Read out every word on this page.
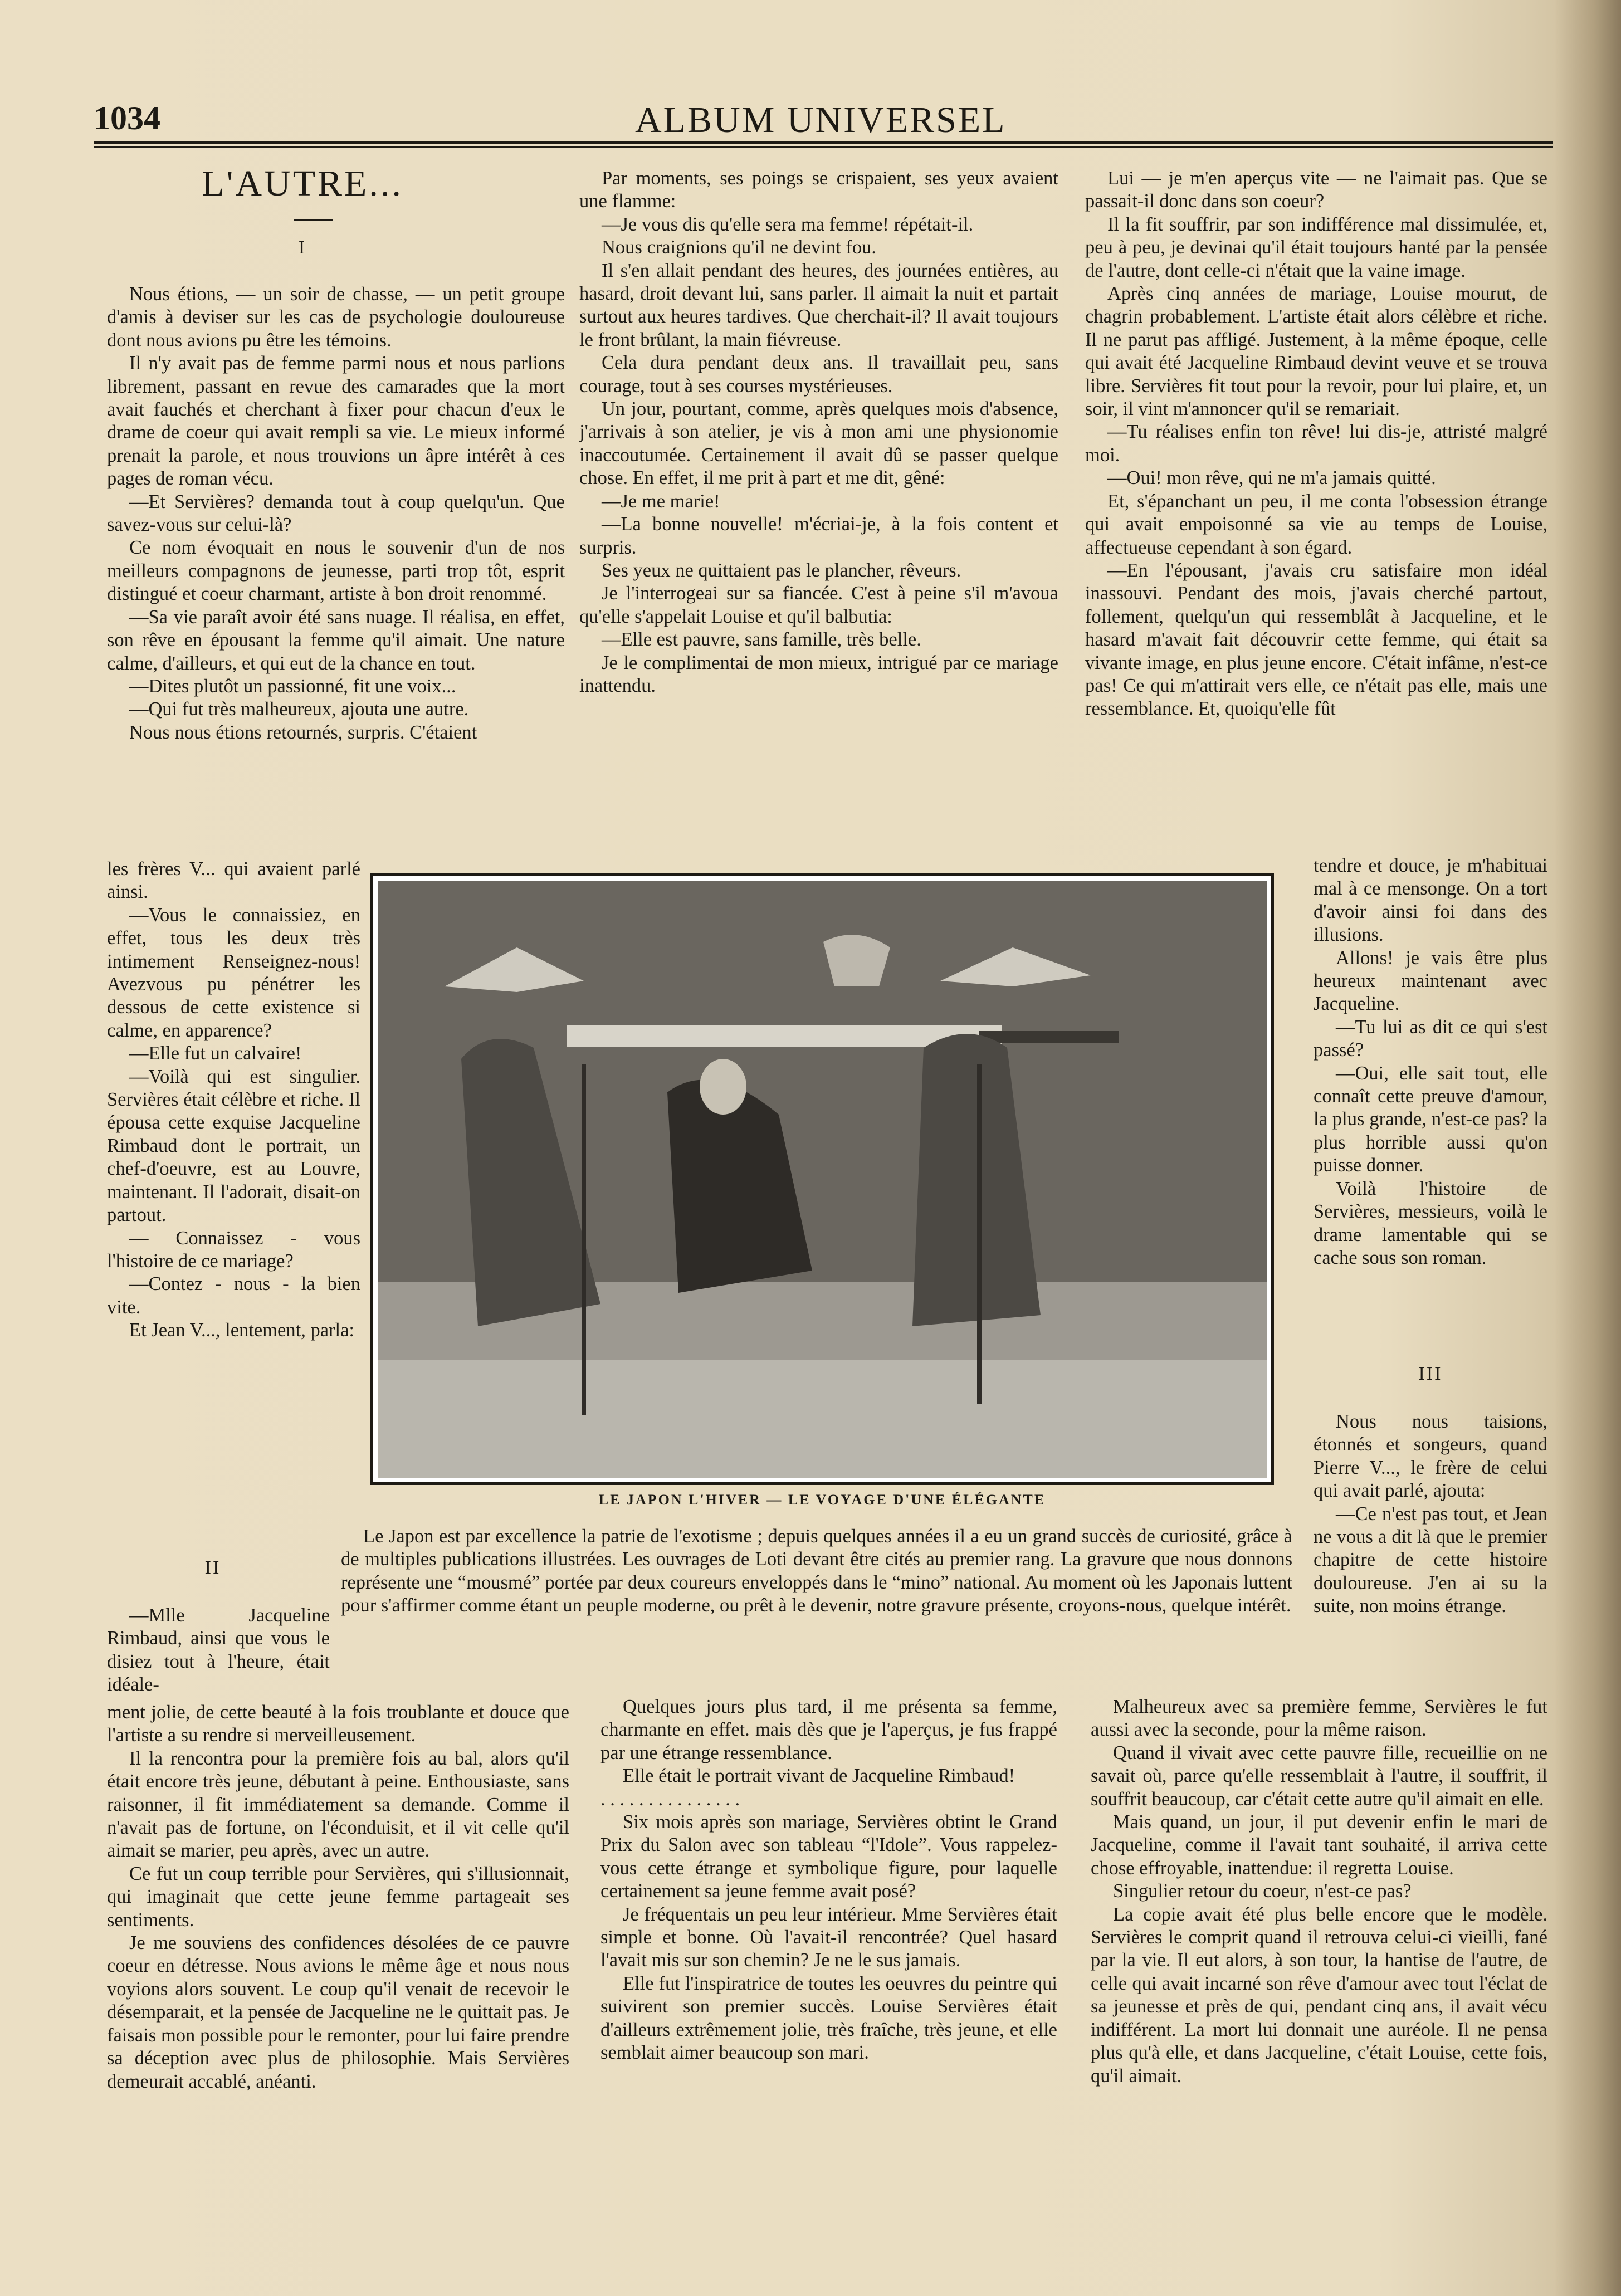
1034	ALBUM UNIVERSEL
L'AUTRE...
I

Nous étions, — un soir de chasse, — un petit groupe d'amis à deviser sur les cas de psychologie douloureuse dont nous avions pu être les témoins.

Il n'y avait pas de femme parmi nous et nous parlions librement, passant en revue des camarades que la mort avait fauchés et cherchant à fixer pour chacun d'eux le drame de coeur qui avait rempli sa vie. Le mieux informé prenait la parole, et nous trouvions un âpre intérêt à ces pages de roman vécu.

—Et Servières? demanda tout à coup quelqu'un. Que savez-vous sur celui-là?

Ce nom évoquait en nous le souvenir d'un de nos meilleurs compagnons de jeunesse, parti trop tôt, esprit distingué et coeur charmant, artiste à bon droit renommé.

—Sa vie paraît avoir été sans nuage. Il réalisa, en effet, son rêve en épousant la femme qu'il aimait. Une nature calme, d'ailleurs, et qui eut de la chance en tout.

—Dites plutôt un passionné, fit une voix...

—Qui fut très malheureux, ajouta une autre.

Nous nous étions retournés, surpris. C'étaient

les frères V... qui avaient parlé ainsi.

—Vous le connaissiez, en effet, tous les deux très intimement Renseignez-nous! Avezvous pu pénétrer les dessous de cette existence si calme, en apparence?

—Elle fut un calvaire!

—Voilà qui est singulier. Servières était célèbre et riche. Il épousa cette exquise Jacqueline Rimbaud dont le portrait, un chef-d'oeuvre, est au Louvre, maintenant. Il l'adorait, disait-on partout.

— Connaissez - vous l'histoire de ce mariage?

—Contez - nous - la bien vite.

Et Jean V..., lentement, parla:

II

—Mlle Jacqueline Rimbaud, ainsi que vous le disiez tout à l'heure, était idéale-

ment jolie, de cette beauté à la fois troublante et douce que l'artiste a su rendre si merveilleusement.

Il la rencontra pour la première fois au bal, alors qu'il était encore très jeune, débutant à peine. Enthousiaste, sans raisonner, il fit immédiatement sa demande. Comme il n'avait pas de fortune, on l'éconduisit, et il vit celle qu'il aimait se marier, peu après, avec un autre.

Ce fut un coup terrible pour Servières, qui s'illusionnait, qui imaginait que cette jeune femme partageait ses sentiments.

Je me souviens des confidences désolées de ce pauvre coeur en détresse. Nous avions le même âge et nous nous voyions alors souvent. Le coup qu'il venait de recevoir le désemparait, et la pensée de Jacqueline ne le quittait pas. Je faisais mon possible pour le remonter, pour lui faire prendre sa déception avec plus de philosophie. Mais Servières demeurait accablé, anéanti.

Par moments, ses poings se crispaient, ses yeux avaient une flamme:

—Je vous dis qu'elle sera ma femme! répétait-il.

Nous craignions qu'il ne devint fou.

Il s'en allait pendant des heures, des journées entières, au hasard, droit devant lui, sans parler. Il aimait la nuit et partait surtout aux heures tardives. Que cherchait-il? Il avait toujours le front brûlant, la main fiévreuse.

Cela dura pendant deux ans. Il travaillait peu, sans courage, tout à ses courses mystérieuses.

Un jour, pourtant, comme, après quelques mois d'absence, j'arrivais à son atelier, je vis à mon ami une physionomie inaccoutumée. Certainement il avait dû se passer quelque chose. En effet, il me prit à part et me dit, gêné:

—Je me marie!

—La bonne nouvelle! m'écriai-je, à la fois content et surpris.

Ses yeux ne quittaient pas le plancher, rêveurs.

Je l'interrogeai sur sa fiancée. C'est à peine s'il m'avoua qu'elle s'appelait Louise et qu'il balbutia:

—Elle est pauvre, sans famille, très belle.

Je le complimentai de mon mieux, intrigué par ce mariage inattendu.

Lui — je m'en aperçus vite — ne l'aimait pas. Que se passait-il donc dans son coeur?

Il la fit souffrir, par son indifférence mal dissimulée, et, peu à peu, je devinai qu'il était toujours hanté par la pensée de l'autre, dont celle-ci n'était que la vaine image.

Après cinq années de mariage, Louise mourut, de chagrin probablement. L'artiste était alors célèbre et riche. Il ne parut pas affligé. Justement, à la même époque, celle qui avait été Jacqueline Rimbaud devint veuve et se trouva libre. Servières fit tout pour la revoir, pour lui plaire, et, un soir, il vint m'annoncer qu'il se remariait.

—Tu réalises enfin ton rêve! lui dis-je, attristé malgré moi.

—Oui! mon rêve, qui ne m'a jamais quitté.

Et, s'épanchant un peu, il me conta l'obsession étrange qui avait empoisonné sa vie au temps de Louise, affectueuse cependant à son égard.

—En l'épousant, j'avais cru satisfaire mon idéal inassouvi. Pendant des mois, j'avais cherché partout, follement, quelqu'un qui ressemblât à Jacqueline, et le hasard m'avait fait découvrir cette femme, qui était sa vivante image, en plus jeune encore. C'était infâme, n'est-ce pas! Ce qui m'attirait vers elle, ce n'était pas elle, mais une ressemblance. Et, quoiqu'elle fût

tendre et douce, je m'habituai mal à ce mensonge. On a tort d'avoir ainsi foi dans des illusions.

Allons! je vais être plus heureux maintenant avec Jacqueline.

—Tu lui as dit ce qui s'est passé?

—Oui, elle sait tout, elle connaît cette preuve d'amour, la plus grande, n'est-ce pas? la plus horrible aussi qu'on puisse donner.

Voilà l'histoire de Servières, messieurs, voilà le drame lamentable qui se cache sous son roman.

III

Nous nous taisions, étonnés et songeurs, quand Pierre V..., le frère de celui qui avait parlé, ajouta:

—Ce n'est pas tout, et Jean ne vous a dit là que le premier chapitre de cette histoire douloureuse. J'en ai su la suite, non moins étrange.

LE JAPON L'HIVER — LE VOYAGE D'UNE ÉLÉGANTE

Le Japon est par excellence la patrie de l'exotisme ; depuis quelques années il a eu un grand succès de curiosité, grâce à de multiples publications illustrées. Les ouvrages de Loti devant être cités au premier rang. La gravure que nous donnons représente une “mousmé” portée par deux coureurs enveloppés dans le “mino” national. Au moment où les Japonais luttent pour s'affirmer comme étant un peuple moderne, ou prêt à le devenir, notre gravure présente, croyons-nous, quelque intérêt.

Quelques jours plus tard, il me présenta sa femme, charmante en effet. mais dès que je l'aperçus, je fus frappé par une étrange ressemblance.

Elle était le portrait vivant de Jacqueline Rimbaud!

. . . . . . . . . . . . . . .

Six mois après son mariage, Servières obtint le Grand Prix du Salon avec son tableau “l'Idole”. Vous rappelez-vous cette étrange et symbolique figure, pour laquelle certainement sa jeune femme avait posé?

Je fréquentais un peu leur intérieur. Mme Servières était simple et bonne. Où l'avait-il rencontrée? Quel hasard l'avait mis sur son chemin? Je ne le sus jamais.

Elle fut l'inspiratrice de toutes les oeuvres du peintre qui suivirent son premier succès. Louise Servières était d'ailleurs extrêmement jolie, très fraîche, très jeune, et elle semblait aimer beaucoup son mari.

Malheureux avec sa première femme, Servières le fut aussi avec la seconde, pour la même raison.

Quand il vivait avec cette pauvre fille, recueillie on ne savait où, parce qu'elle ressemblait à l'autre, il souffrit, il souffrit beaucoup, car c'était cette autre qu'il aimait en elle.

Mais quand, un jour, il put devenir enfin le mari de Jacqueline, comme il l'avait tant souhaité, il arriva cette chose effroyable, inattendue: il regretta Louise.

Singulier retour du coeur, n'est-ce pas?

La copie avait été plus belle encore que le modèle. Servières le comprit quand il retrouva celui-ci vieilli, fané par la vie. Il eut alors, à son tour, la hantise de l'autre, de celle qui avait incarné son rêve d'amour avec tout l'éclat de sa jeunesse et près de qui, pendant cinq ans, il avait vécu indifférent. La mort lui donnait une auréole. Il ne pensa plus qu'à elle, et dans Jacqueline, c'était Louise, cette fois, qu'il aimait.
